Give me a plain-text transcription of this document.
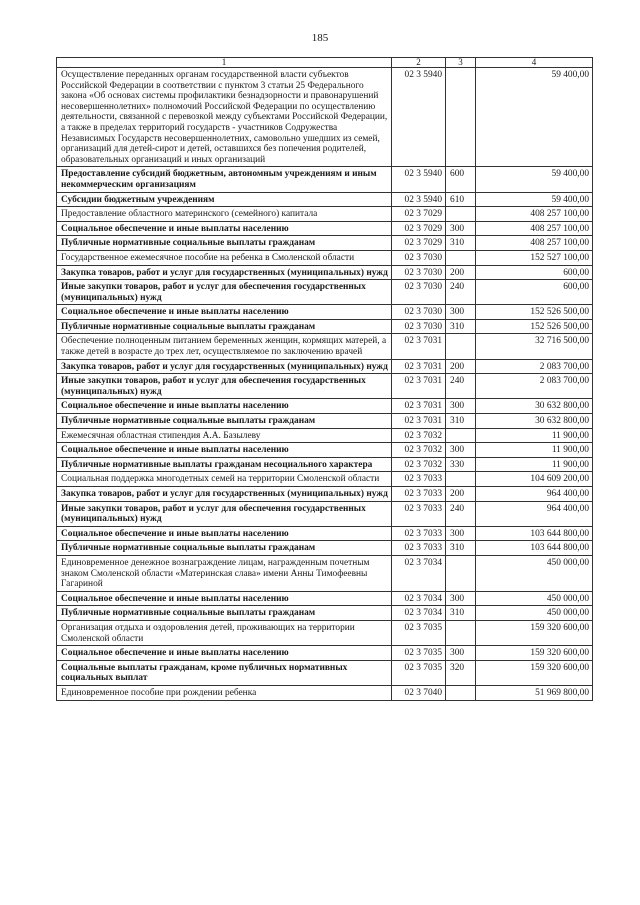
185
1	2	3	4
Осуществление переданных органам государственной власти субъектов Российской Федерации в соответствии с пунктом 3 статьи 25 Федерального закона «Об основах системы профилактики безнадзорности и правонарушений несовершеннолетних» полномочий Российской Федерации по осуществлению деятельности, связанной с перевозкой между субъектами Российской Федерации, а также в пределах территорий государств - участников Содружества Независимых Государств несовершеннолетних, самовольно ушедших из семей, организаций для детей-сирот и детей, оставшихся без попечения родителей, образовательных организаций и иных организаций	02 3 5940		59 400,00
Предоставление субсидий бюджетным, автономным учреждениям и иным некоммерческим организациям	02 3 5940	600	59 400,00
Субсидии бюджетным учреждениям	02 3 5940	610	59 400,00
Предоставление областного материнского (семейного) капитала	02 3 7029		408 257 100,00
Социальное обеспечение и иные выплаты населению	02 3 7029	300	408 257 100,00
Публичные нормативные социальные выплаты гражданам	02 3 7029	310	408 257 100,00
Государственное ежемесячное пособие на ребенка в Смоленской области	02 3 7030		152 527 100,00
Закупка товаров, работ и услуг для государственных (муниципальных) нужд	02 3 7030	200	600,00
Иные закупки товаров, работ и услуг для обеспечения государственных (муниципальных) нужд	02 3 7030	240	600,00
Социальное обеспечение и иные выплаты населению	02 3 7030	300	152 526 500,00
Публичные нормативные социальные выплаты гражданам	02 3 7030	310	152 526 500,00
Обеспечение полноценным питанием беременных женщин, кормящих матерей, а также детей в возрасте до трех лет, осуществляемое по заключению врачей	02 3 7031		32 716 500,00
Закупка товаров, работ и услуг для государственных (муниципальных) нужд	02 3 7031	200	2 083 700,00
Иные закупки товаров, работ и услуг для обеспечения государственных (муниципальных) нужд	02 3 7031	240	2 083 700,00
Социальное обеспечение и иные выплаты населению	02 3 7031	300	30 632 800,00
Публичные нормативные социальные выплаты гражданам	02 3 7031	310	30 632 800,00
Ежемесячная областная стипендия А.А. Базылеву	02 3 7032		11 900,00
Социальное обеспечение и иные выплаты населению	02 3 7032	300	11 900,00
Публичные нормативные выплаты гражданам несоциального характера	02 3 7032	330	11 900,00
Социальная поддержка многодетных семей на территории Смоленской области	02 3 7033		104 609 200,00
Закупка товаров, работ и услуг для государственных (муниципальных) нужд	02 3 7033	200	964 400,00
Иные закупки товаров, работ и услуг для обеспечения государственных (муниципальных) нужд	02 3 7033	240	964 400,00
Социальное обеспечение и иные выплаты населению	02 3 7033	300	103 644 800,00
Публичные нормативные социальные выплаты гражданам	02 3 7033	310	103 644 800,00
Единовременное денежное вознаграждение лицам, награжденным почетным знаком Смоленской области «Материнская слава» имени Анны Тимофеевны Гагариной	02 3 7034		450 000,00
Социальное обеспечение и иные выплаты населению	02 3 7034	300	450 000,00
Публичные нормативные социальные выплаты гражданам	02 3 7034	310	450 000,00
Организация отдыха и оздоровления детей, проживающих на территории Смоленской области	02 3 7035		159 320 600,00
Социальное обеспечение и иные выплаты населению	02 3 7035	300	159 320 600,00
Социальные выплаты гражданам, кроме публичных нормативных социальных выплат	02 3 7035	320	159 320 600,00
Единовременное пособие при рождении ребенка	02 3 7040		51 969 800,00
